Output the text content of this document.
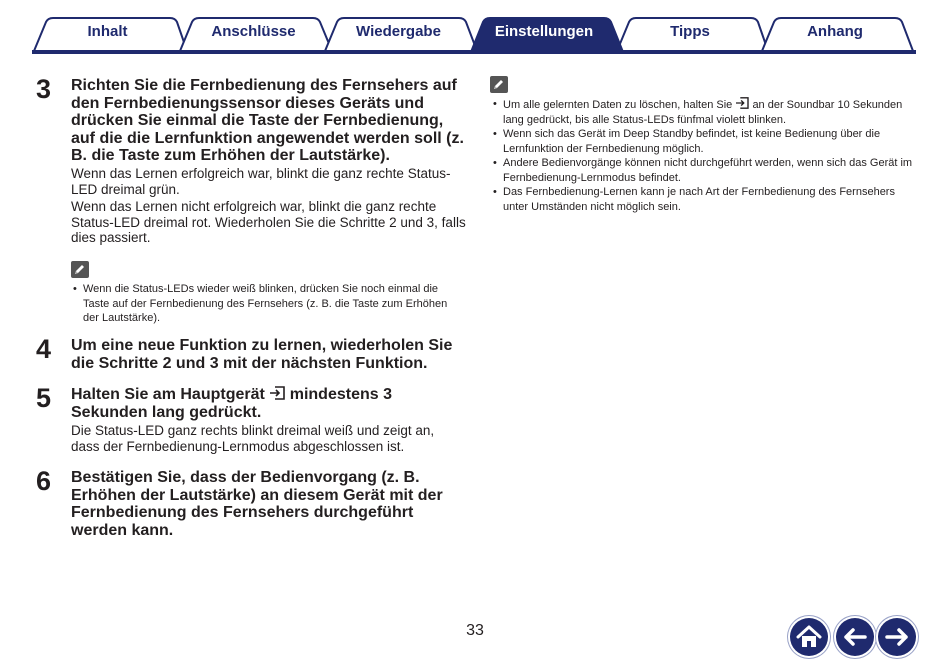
Inhalt	Anschlüsse	Wiedergabe	Einstellungen	Tipps	Anhang
3 Richten Sie die Fernbedienung des Fernsehers auf den Fernbedienungssensor dieses Geräts und drücken Sie einmal die Taste der Fernbedienung, auf die die Lernfunktion angewendet werden soll (z. B. die Taste zum Erhöhen der Lautstärke).

Wenn das Lernen erfolgreich war, blinkt die ganz rechte Status-LED dreimal grün.

Wenn das Lernen nicht erfolgreich war, blinkt die ganz rechte Status-LED dreimal rot. Wiederholen Sie die Schritte 2 und 3, falls dies passiert.

• Wenn die Status-LEDs wieder weiß blinken, drücken Sie noch einmal die Taste auf der Fernbedienung des Fernsehers (z. B. die Taste zum Erhöhen der Lautstärke).
4 Um eine neue Funktion zu lernen, wiederholen Sie die Schritte 2 und 3 mit der nächsten Funktion.
5 Halten Sie am Hauptgerät mindestens 3 Sekunden lang gedrückt.

Die Status-LED ganz rechts blinkt dreimal weiß und zeigt an, dass der Fernbedienung-Lernmodus abgeschlossen ist.

6 Bestätigen Sie, dass der Bedienvorgang (z. B. Erhöhen der Lautstärke) an diesem Gerät mit der Fernbedienung des Fernsehers durchgeführt werden kann.
• Um alle gelernten Daten zu löschen, halten Sie an der Soundbar 10 Sekunden lang gedrückt, bis alle Status-LEDs fünfmal violett blinken.
• Wenn sich das Gerät im Deep Standby befindet, ist keine Bedienung über die Lernfunktion der Fernbedienung möglich.
• Andere Bedienvorgänge können nicht durchgeführt werden, wenn sich das Gerät im Fernbedienung-Lernmodus befindet.
• Das Fernbedienung-Lernen kann je nach Art der Fernbedienung des Fernsehers unter Umständen nicht möglich sein.
33
